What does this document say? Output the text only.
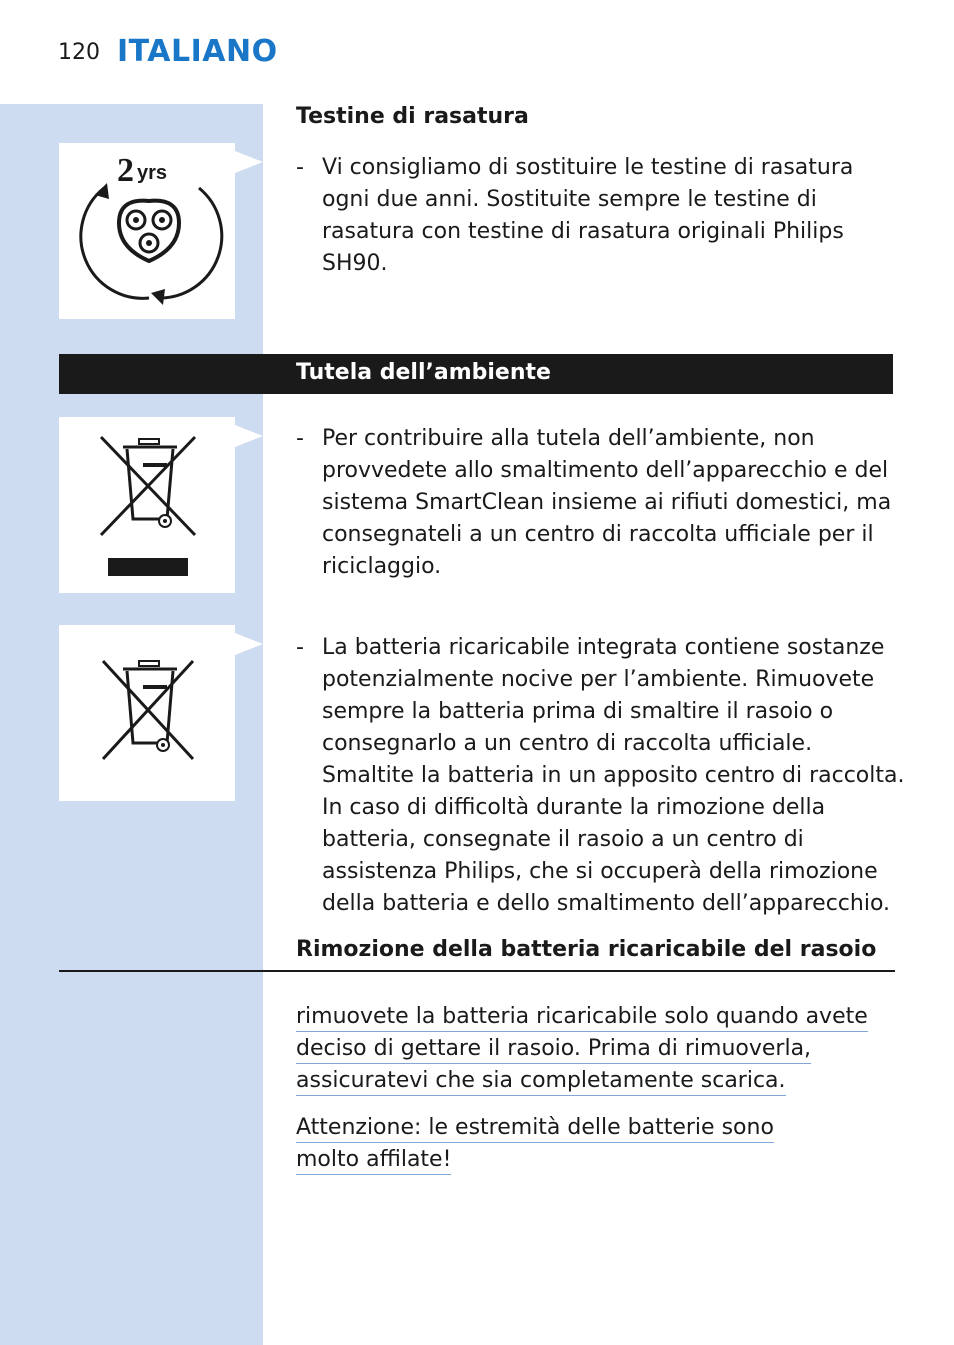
120 ITALIANO
Testine di rasatura
2 yrs	- Vi consigliamo di sostituire le testine di rasatura ogni due anni. Sostituite sempre le testine di rasatura con testine di rasatura originali Philips SH90.
Tutela dell’ambiente
- Per contribuire alla tutela dell’ambiente, non provvedete allo smaltimento dell’apparecchio e del sistema SmartClean insieme ai rifiuti domestici, ma consegnateli a un centro di raccolta ufficiale per il riciclaggio.
- La batteria ricaricabile integrata contiene sostanze potenzialmente nocive per l’ambiente. Rimuovete sempre la batteria prima di smaltire il rasoio o consegnarlo a un centro di raccolta ufficiale. Smaltite la batteria in un apposito centro di raccolta. In caso di difficoltà durante la rimozione della batteria, consegnate il rasoio a un centro di assistenza Philips, che si occuperà della rimozione della batteria e dello smaltimento dell’apparecchio.
Rimozione della batteria ricaricabile del rasoio
rimuovete la batteria ricaricabile solo quando avete
deciso di gettare il rasoio. Prima di rimuoverla,
assicuratevi che sia completamente scarica.
Attenzione: le estremità delle batterie sono
molto affilate!
